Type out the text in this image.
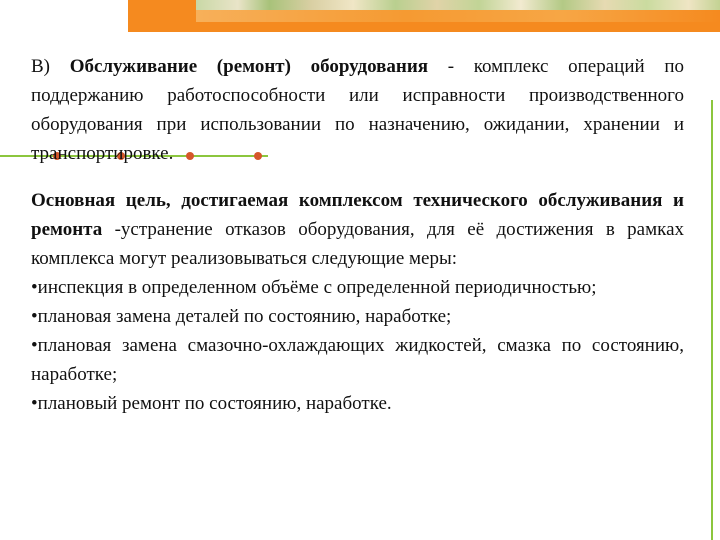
В) Обслуживание (ремонт) оборудования - комплекс операций по поддержанию работоспособности или исправности производственного оборудования при использовании по назначению, ожидании, хранении и транспортировке.

Основная цель, достигаемая комплексом технического обслуживания и ремонта -устранение отказов оборудования, для её достижения в рамках комплекса могут реализовываться следующие меры:

•инспекция в определенном объёме с определенной периодичностью;

•плановая замена деталей по состоянию, наработке;

•плановая замена смазочно-охлаждающих жидкостей, смазка по состоянию, наработке;

•плановый ремонт по состоянию, наработке.
